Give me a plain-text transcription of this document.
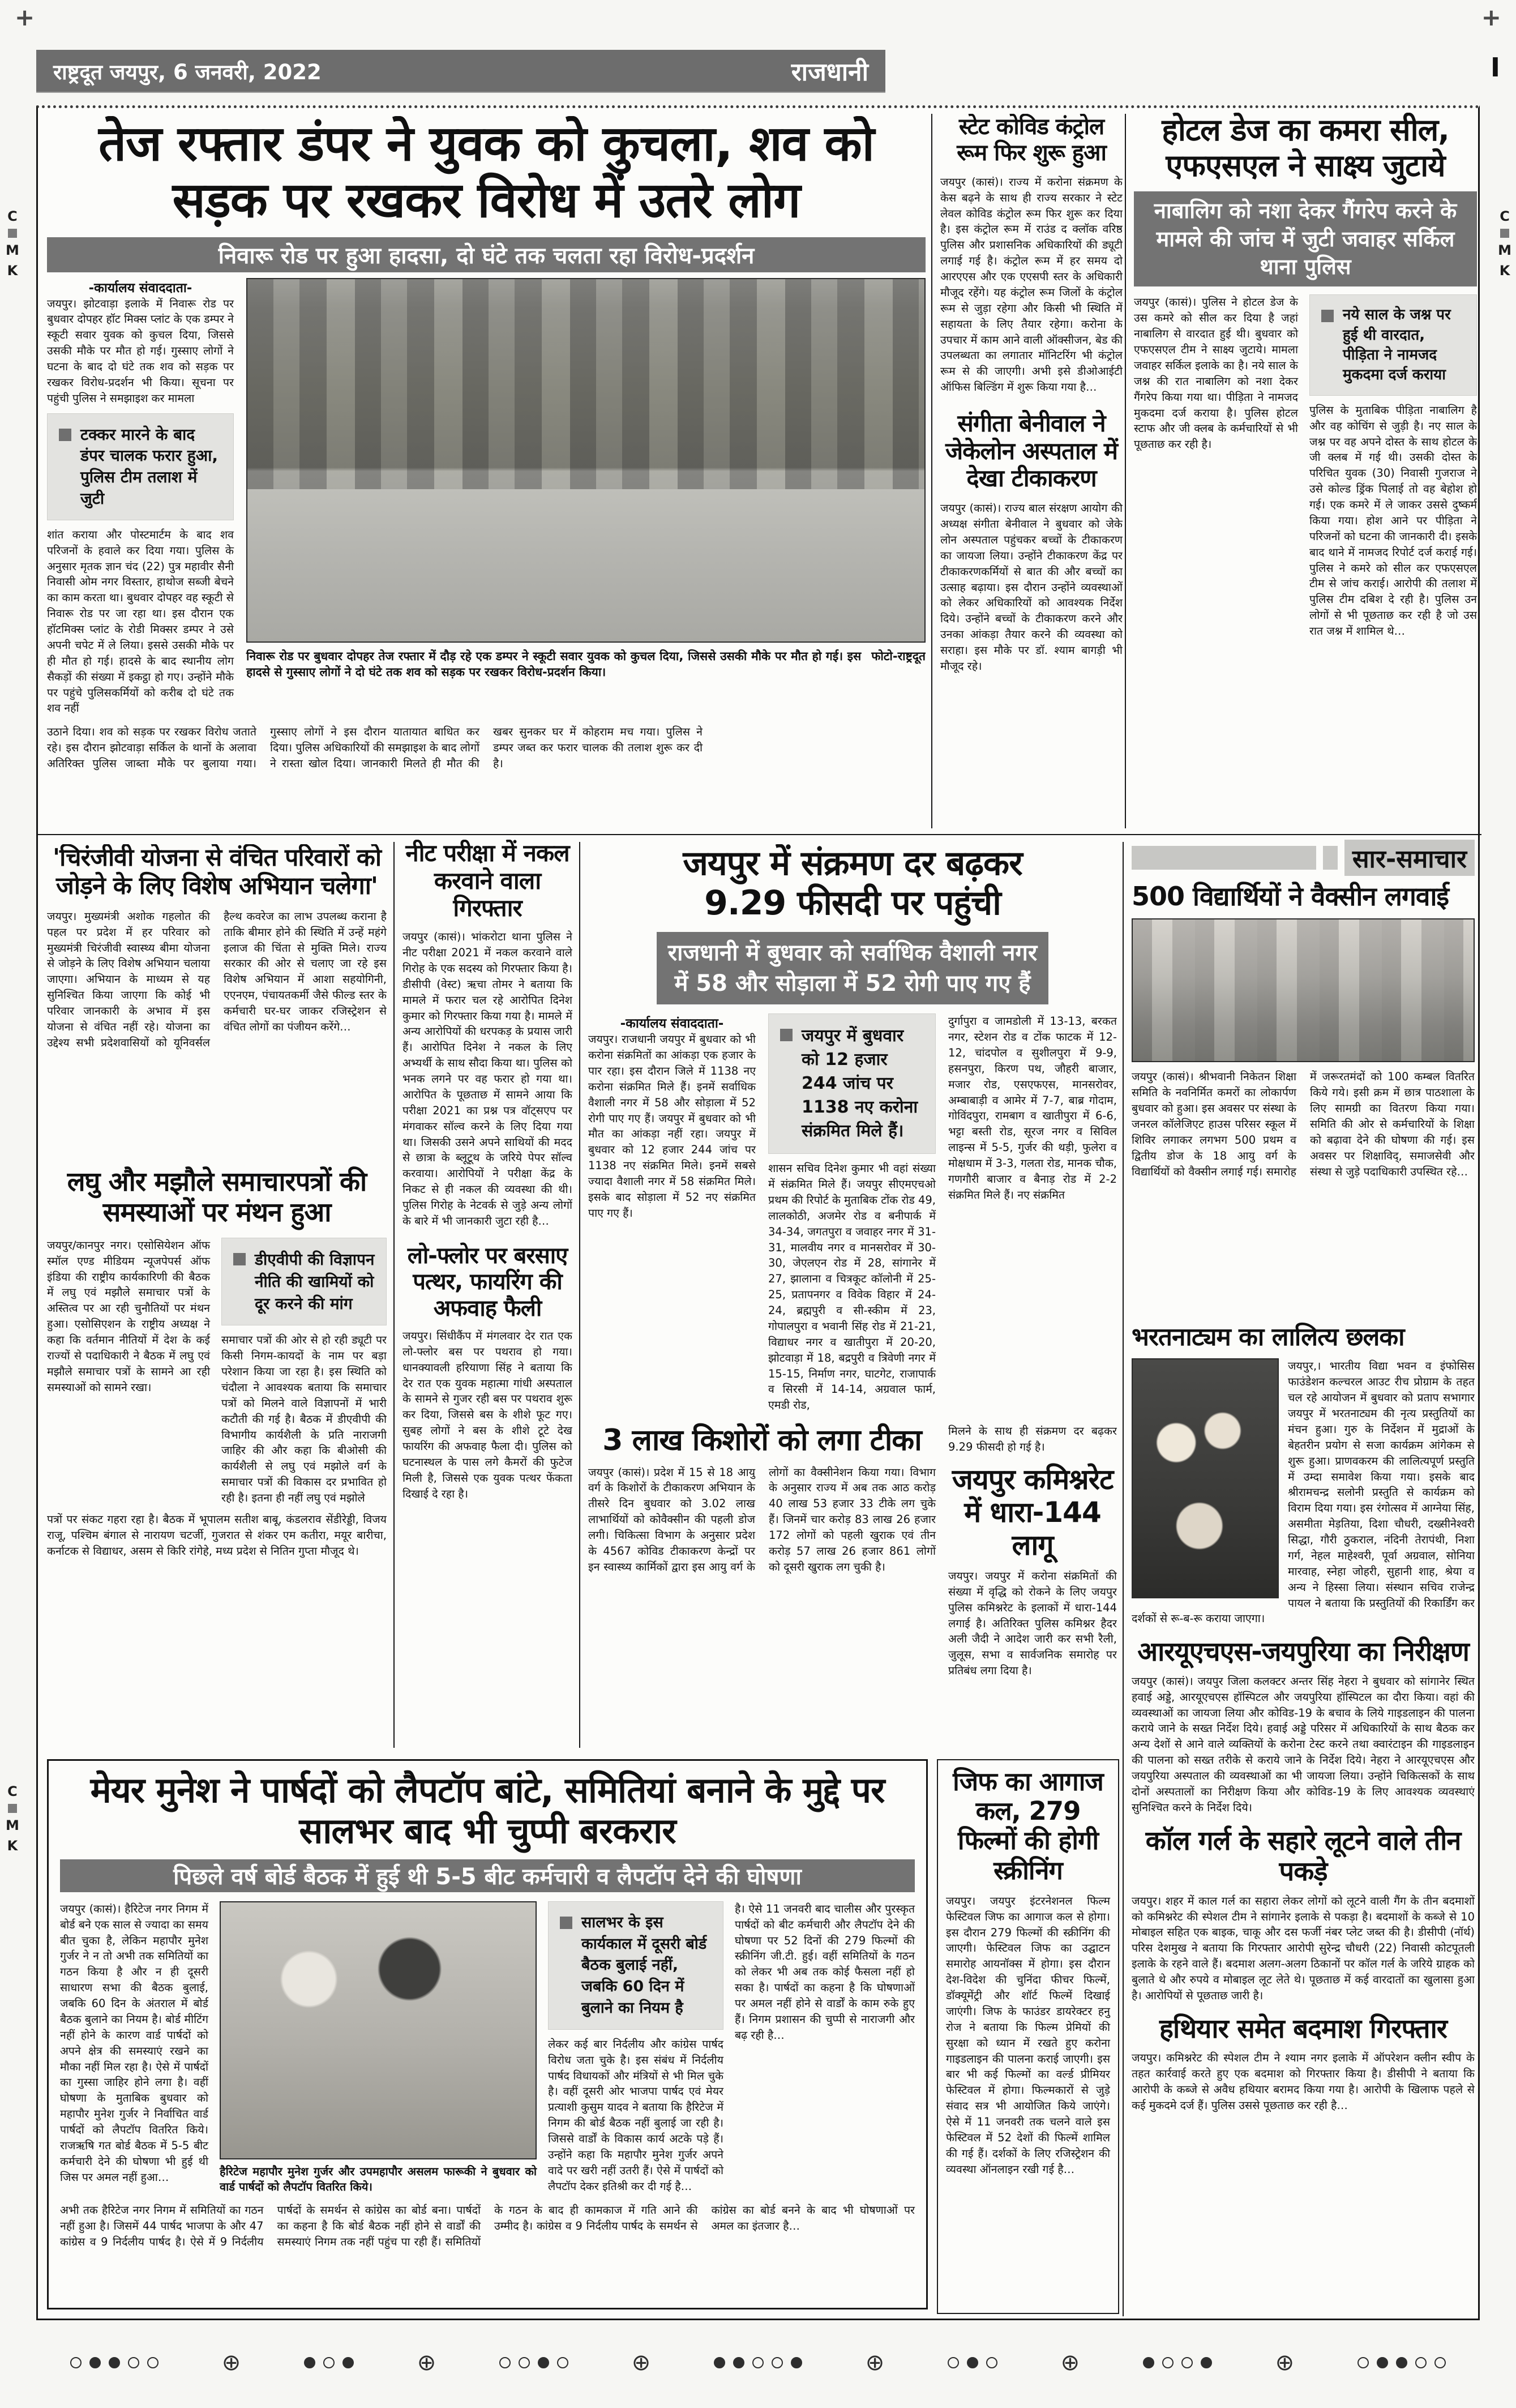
+	+
राष्ट्रदूत जयपुर, 6 जनवरी, 2022	राजधानी	I
C
M
K
C
M
K
C
M
K
तेज रफ्तार डंपर ने युवक को कुचला, शव को सड़क पर रखकर विरोध में उतरे लोग
निवारू रोड पर हुआ हादसा, दो घंटे तक चलता रहा विरोध-प्रदर्शन
-कार्यालय संवाददाता-
जयपुर। झोटवाड़ा इलाके में निवारू रोड पर बुधवार दोपहर हॉट मिक्स प्लांट के एक डम्पर ने स्कूटी सवार युवक को कुचल दिया, जिससे उसकी मौके पर मौत हो गई। गुस्साए लोगों ने घटना के बाद दो घंटे तक शव को सड़क पर रखकर विरोध-प्रदर्शन भी किया। सूचना पर पहुंची पुलिस ने समझाइश कर मामला
टक्कर मारने के बाद डंपर चालक फरार हुआ, पुलिस टीम तलाश में जुटी
शांत कराया और पोस्टमार्टम के बाद शव परिजनों के हवाले कर दिया गया। पुलिस के अनुसार मृतक ज्ञान चंद (22) पुत्र महावीर सैनी निवासी ओम नगर विस्तार, हाथोज सब्जी बेचने का काम करता था। बुधवार दोपहर वह स्कूटी से निवारू रोड पर जा रहा था। इस दौरान एक हॉटमिक्स प्लांट के रोडी मिक्सर डम्पर ने उसे अपनी चपेट में ले लिया। इससे उसकी मौके पर ही मौत हो गई। हादसे के बाद स्थानीय लोग सैकड़ों की संख्या में इकट्ठा हो गए। उन्होंने मौके पर पहुंचे पुलिसकर्मियों को करीब दो घंटे तक शव नहीं
निवारू रोड पर बुधवार दोपहर तेज रफ्तार में दौड़ रहे एक डम्पर ने स्कूटी सवार युवक को कुचल दिया, जिससे उसकी मौके पर मौत हो गई। इस हादसे से गुस्साए लोगों ने दो घंटे तक शव को सड़क पर रखकर विरोध-प्रदर्शन किया।
फोटो-राष्ट्रदूत
उठाने दिया। शव को सड़क पर रखकर विरोध जताते रहे। इस दौरान झोटवाड़ा सर्किल के थानों के अलावा अतिरिक्त पुलिस जाब्ता मौके पर बुलाया गया। गुस्साए लोगों ने इस दौरान यातायात बाधित कर दिया। पुलिस अधिकारियों की समझाइश के बाद लोगों ने रास्ता खोल दिया। जानकारी मिलते ही मौत की खबर सुनकर घर में कोहराम मच गया। पुलिस ने डम्पर जब्त कर फरार चालक की तलाश शुरू कर दी है।
स्टेट कोविड कंट्रोल रूम फिर शुरू हुआ
जयपुर (कासं)। राज्य में करोना संक्रमण के केस बढ़ने के साथ ही राज्य सरकार ने स्टेट लेवल कोविड कंट्रोल रूम फिर शुरू कर दिया है। इस कंट्रोल रूम में राउंड द क्लॉक वरिष्ठ पुलिस और प्रशासनिक अधिकारियों की ड्यूटी लगाई गई है। कंट्रोल रूम में हर समय दो आरएएस और एक एएसपी स्तर के अधिकारी मौजूद रहेंगे। यह कंट्रोल रूम जिलों के कंट्रोल रूम से जुड़ा रहेगा और किसी भी स्थिति में सहायता के लिए तैयार रहेगा। करोना के उपचार में काम आने वाली ऑक्सीजन, बेड की उपलब्धता का लगातार मॉनिटरिंग भी कंट्रोल रूम से की जाएगी। अभी इसे डीओआईटी ऑफिस बिल्डिंग में शुरू किया गया है…
संगीता बेनीवाल ने जेकेलोन अस्पताल में देखा टीकाकरण
जयपुर (कासं)। राज्य बाल संरक्षण आयोग की अध्यक्ष संगीता बेनीवाल ने बुधवार को जेके लोन अस्पताल पहुंचकर बच्चों के टीकाकरण का जायजा लिया। उन्होंने टीकाकरण केंद्र पर टीकाकरणकर्मियों से बात की और बच्चों का उत्साह बढ़ाया। इस दौरान उन्होंने व्यवस्थाओं को लेकर अधिकारियों को आवश्यक निर्देश दिये। उन्होंने बच्चों के टीकाकरण करने और उनका आंकड़ा तैयार करने की व्यवस्था को सराहा। इस मौके पर डॉ. श्याम बागड़ी भी मौजूद रहे।
होटल डेज का कमरा सील, एफएसएल ने साक्ष्य जुटाये
नाबालिग को नशा देकर गैंगरेप करने के मामले की जांच में जुटी जवाहर सर्किल थाना पुलिस
जयपुर (कासं)। पुलिस ने होटल डेज के उस कमरे को सील कर दिया है जहां नाबालिग से वारदात हुई थी। बुधवार को एफएसएल टीम ने साक्ष्य जुटाये। मामला जवाहर सर्किल इलाके का है। नये साल के जश्न की रात नाबालिग को नशा देकर गैंगरेप किया गया था। पीड़िता ने नामजद मुकदमा दर्ज कराया है। पुलिस होटल स्टाफ और जी क्लब के कर्मचारियों से भी पूछताछ कर रही है।
नये साल के जश्न पर हुई थी वारदात, पीड़िता ने नामजद मुकदमा दर्ज कराया
पुलिस के मुताबिक पीड़िता नाबालिग है और वह कोचिंग से जुड़ी है। नए साल के जश्न पर वह अपने दोस्त के साथ होटल के जी क्लब में गई थी। उसकी दोस्त के परिचित युवक (30) निवासी गुजराज ने उसे कोल्ड ड्रिंक पिलाई तो वह बेहोश हो गई। एक कमरे में ले जाकर उससे दुष्कर्म किया गया। होश आने पर पीड़िता ने परिजनों को घटना की जानकारी दी। इसके बाद थाने में नामजद रिपोर्ट दर्ज कराई गई। पुलिस ने कमरे को सील कर एफएसएल टीम से जांच कराई। आरोपी की तलाश में पुलिस टीम दबिश दे रही है। पुलिस उन लोगों से भी पूछताछ कर रही है जो उस रात जश्न में शामिल थे…
'चिरंजीवी योजना से वंचित परिवारों को जोड़ने के लिए विशेष अभियान चलेगा'
जयपुर। मुख्यमंत्री अशोक गहलोत की पहल पर प्रदेश में हर परिवार को मुख्यमंत्री चिरंजीवी स्वास्थ्य बीमा योजना से जोड़ने के लिए विशेष अभियान चलाया जाएगा। अभियान के माध्यम से यह सुनिश्चित किया जाएगा कि कोई भी परिवार जानकारी के अभाव में इस योजना से वंचित नहीं रहे। योजना का उद्देश्य सभी प्रदेशवासियों को यूनिवर्सल हैल्थ कवरेज का लाभ उपलब्ध कराना है ताकि बीमार होने की स्थिति में उन्हें महंगे इलाज की चिंता से मुक्ति मिले। राज्य सरकार की ओर से चलाए जा रहे इस विशेष अभियान में आशा सहयोगिनी, एएनएम, पंचायतकर्मी जैसे फील्ड स्तर के कर्मचारी घर-घर जाकर रजिस्ट्रेशन से वंचित लोगों का पंजीयन करेंगे…
लघु और मझौले समाचारपत्रों की समस्याओं पर मंथन हुआ
जयपुर/कानपुर नगर। एसोसियेशन ऑफ स्मॉल एण्ड मीडियम न्यूजपेपर्स ऑफ इंडिया की राष्ट्रीय कार्यकारिणी की बैठक में लघु एवं मझौले समाचार पत्रों के अस्तित्व पर आ रही चुनौतियों पर मंथन हुआ। एसोसिएशन के राष्ट्रीय अध्यक्ष ने कहा कि वर्तमान नीतियों में देश के कई राज्यों से पदाधिकारी ने बैठक में लघु एवं मझौले समाचार पत्रों के सामने आ रही समस्याओं को सामने रखा।
डीएवीपी की विज्ञापन नीति की खामियों को दूर करने की मांग
समाचार पत्रों की ओर से हो रही ड्यूटी पर किसी निगम-कायदों के नाम पर बड़ा परेशान किया जा रहा है। इस स्थिति को चंदौला ने आवश्यक बताया कि समाचार पत्रों को मिलने वाले विज्ञापनों में भारी कटौती की गई है। बैठक में डीएवीपी की विभागीय कार्यशैली के प्रति नाराजगी जाहिर की और कहा कि बीओसी की कार्यशैली से लघु एवं मझोले वर्ग के समाचार पत्रों की विकास दर प्रभावित हो रही है। इतना ही नहीं लघु एवं मझोले
पत्रों पर संकट गहरा रहा है। बैठक में भूपालम सतीश बाबू, कंडलराव सेंडीरेड्डी, विजय राजू, पश्चिम बंगाल से नारायण चटर्जी, गुजरात से शंकर एम कतीरा, मयूर बारीचा, कर्नाटक से विद्याधर, असम से किरि रांगेहे, मध्य प्रदेश से नितिन गुप्ता मौजूद थे।
नीट परीक्षा में नकल करवाने वाला गिरफ्तार
जयपुर (कासं)। भांकरोटा थाना पुलिस ने नीट परीक्षा 2021 में नकल करवाने वाले गिरोह के एक सदस्य को गिरफ्तार किया है। डीसीपी (वेस्ट) ऋचा तोमर ने बताया कि मामले में फरार चल रहे आरोपित दिनेश कुमार को गिरफ्तार किया गया है। मामले में अन्य आरोपियों की धरपकड़ के प्रयास जारी हैं। आरोपित दिनेश ने नकल के लिए अभ्यर्थी के साथ सौदा किया था। पुलिस को भनक लगने पर वह फरार हो गया था। आरोपित के पूछताछ में सामने आया कि परीक्षा 2021 का प्रश्न पत्र वॉट्सएप पर मंगवाकर सॉल्व करने के लिए दिया गया था। जिसकी उसने अपने साथियों की मदद से छात्रा के ब्लूटूथ के जरिये पेपर सॉल्व करवाया। आरोपियों ने परीक्षा केंद्र के निकट से ही नकल की व्यवस्था की थी। पुलिस गिरोह के नेटवर्क से जुड़े अन्य लोगों के बारे में भी जानकारी जुटा रही है…
लो-फ्लोर पर बरसाए पत्थर, फायरिंग की अफवाह फैली
जयपुर। सिंधीकैंप में मंगलवार देर रात एक लो-फ्लोर बस पर पथराव हो गया। धानक्यावली हरियाणा सिंह ने बताया कि देर रात एक युवक महात्मा गांधी अस्पताल के सामने से गुजर रही बस पर पथराव शुरू कर दिया, जिससे बस के शीशे फूट गए। सुबह लोगों ने बस के शीशे टूटे देख फायरिंग की अफवाह फैला दी। पुलिस को घटनास्थल के पास लगे कैमरों की फुटेज मिली है, जिससे एक युवक पत्थर फेंकता दिखाई दे रहा है।
जयपुर में संक्रमण दर बढ़कर 9.29 फीसदी पर पहुंची
राजधानी में बुधवार को सर्वाधिक वैशाली नगर में 58 और सोड़ाला में 52 रोगी पाए गए हैं
-कार्यालय संवाददाता-
जयपुर। राजधानी जयपुर में बुधवार को भी करोना संक्रमितों का आंकड़ा एक हजार के पार रहा। इस दौरान जिले में 1138 नए करोना संक्रमित मिले हैं। इनमें सर्वाधिक वैशाली नगर में 58 और सोड़ाला में 52 रोगी पाए गए हैं। जयपुर में बुधवार को भी मौत का आंकड़ा नहीं रहा। जयपुर में बुधवार को 12 हजार 244 जांच पर 1138 नए संक्रमित मिले। इनमें सबसे ज्यादा वैशाली नगर में 58 संक्रमित मिले। इसके बाद सोड़ाला में 52 नए संक्रमित पाए गए हैं।
जयपुर में बुधवार को 12 हजार 244 जांच पर 1138 नए करोना संक्रमित मिले हैं।
शासन सचिव दिनेश कुमार भी वहां संख्या में संक्रमित मिले हैं। जयपुर सीएमएचओ प्रथम की रिपोर्ट के मुताबिक टोंक रोड 49, लालकोठी, अजमेर रोड व बनीपार्क में 34-34, जगतपुरा व जवाहर नगर में 31-31, मालवीय नगर व मानसरोवर में 30-30, जेएलएन रोड में 28, सांगानेर में 27, झालाना व चित्रकूट कॉलोनी में 25-25, प्रतापनगर व विवेक विहार में 24-24, ब्रह्मपुरी व सी-स्कीम में 23, गोपालपुरा व भवानी सिंह रोड में 21-21, विद्याधर नगर व खातीपुरा में 20-20, झोटवाड़ा में 18, बद्रपुरी व त्रिवेणी नगर में 15-15, निर्माण नगर, घाटगेट, राजापार्क व सिरसी में 14-14, अग्रवाल फार्म, एमडी रोड,
दुर्गापुरा व जामडोली में 13-13, बरकत नगर, स्टेशन रोड व टोंक फाटक में 12-12, चांदपोल व सुशीलपुरा में 9-9, हसनपुरा, किरण पथ, जौहरी बाजार, मजार रोड, एसएफएस, मानसरोवर, अम्बाबाड़ी व आमेर में 7-7, बाब्र गोदाम, गोविंदपुरा, रामबाग व खातीपुरा में 6-6, भट्टा बस्ती रोड, सूरज नगर व सिविल लाइन्स में 5-5, गुर्जर की थड़ी, फुलेरा व मोक्षधाम में 3-3, गलता रोड, मानक चौक, गणगौरी बाजार व बैनाड़ रोड में 2-2 संक्रमित मिले हैं। नए संक्रमित
3 लाख किशोरों को लगा टीका
जयपुर (कासं)। प्रदेश में 15 से 18 आयु वर्ग के किशोरों के टीकाकरण अभियान के तीसरे दिन बुधवार को 3.02 लाख लाभार्थियों को कोवैक्सीन की पहली डोज लगी। चिकित्सा विभाग के अनुसार प्रदेश के 4567 कोविड टीकाकरण केन्द्रों पर इन स्वास्थ्य कार्मिकों द्वारा इस आयु वर्ग के लोगों का वैक्सीनेशन किया गया। विभाग के अनुसार राज्य में अब तक आठ करोड़ 40 लाख 53 हजार 33 टीके लग चुके हैं। जिनमें चार करोड़ 83 लाख 26 हजार 172 लोगों को पहली खुराक एवं तीन करोड़ 57 लाख 26 हजार 861 लोगों को दूसरी खुराक लग चुकी है।
मिलने के साथ ही संक्रमण दर बढ़कर 9.29 फीसदी हो गई है।
जयपुर कमिश्नरेट में धारा-144 लागू
जयपुर। जयपुर में करोना संक्रमितों की संख्या में वृद्धि को रोकने के लिए जयपुर पुलिस कमिश्नरेट के इलाकों में धारा-144 लगाई है। अतिरिक्त पुलिस कमिश्नर हैदर अली जैदी ने आदेश जारी कर सभी रैली, जुलूस, सभा व सार्वजनिक समारोह पर प्रतिबंध लगा दिया है।
सार-समाचार
500 विद्यार्थियों ने वैक्सीन लगवाई
जयपुर (कासं)। श्रीभवानी निकेतन शिक्षा समिति के नवनिर्मित कमरों का लोकार्पण बुधवार को हुआ। इस अवसर पर संस्था के जनरल कॉलेजिएट हाउस परिसर स्कूल में शिविर लगाकर लगभग 500 प्रथम व द्वितीय डोज के 18 आयु वर्ग के विद्यार्थियों को वैक्सीन लगाई गई। समारोह में जरूरतमंदों को 100 कम्बल वितरित किये गये। इसी क्रम में छात्र पाठशाला के लिए सामग्री का वितरण किया गया। समिति की ओर से कर्मचारियों के शिक्षा को बढ़ावा देने की घोषणा की गई। इस अवसर पर शिक्षाविद्, समाजसेवी और संस्था से जुड़े पदाधिकारी उपस्थित रहे…
भरतनाट्यम का लालित्य छलका
जयपुर,। भारतीय विद्या भवन व इंफोसिस फाउंडेशन कल्चरल आउट रीच प्रोग्राम के तहत चल रहे आयोजन में बुधवार को प्रताप सभागार जयपुर में भरतनाट्यम की नृत्य प्रस्तुतियों का मंचन हुआ। गुरु के निर्देशन में मुद्राओं के बेहतरीन प्रयोग से सजा कार्यक्रम आंगेकम से शुरू हुआ। प्राणवकरम की लालित्यपूर्ण प्रस्तुति में उम्दा समावेश किया गया। इसके बाद श्रीरामचन्द्र सलोनी प्रस्तुति से कार्यक्रम को विराम दिया गया। इस रंगोत्सव में आग्नेया सिंह, असमीता मेड़तिया, दिशा चौधरी, दख्सीनेश्वरी सिद्धा, गौरी ठुकराल, नंदिनी तेरापंथी, निशा गर्ग, नेहल माहेश्वरी, पूर्वा अग्रवाल, सोनिया मारवाह, स्नेहा जोहरी, सुहानी शाह, श्रेया व अन्य ने हिस्सा लिया। संस्थान सचिव राजेन्द्र पायल ने बताया कि प्रस्तुतियों की रिकार्डिंग कर दर्शकों से रू-ब-रू कराया जाएगा।
आरयूएचएस-जयपुरिया का निरीक्षण
जयपुर (कासं)। जयपुर जिला कलक्टर अन्तर सिंह नेहरा ने बुधवार को सांगानेर स्थित हवाई अड्डे, आरयूएचएस हॉस्पिटल और जयपुरिया हॉस्पिटल का दौरा किया। वहां की व्यवस्थाओं का जायजा लिया और कोविड-19 के बचाव के लिये गाइडलाइन की पालना कराये जाने के सख्त निर्देश दिये। हवाई अड्डे परिसर में अधिकारियों के साथ बैठक कर अन्य देशों से आने वाले व्यक्तियों के करोना टेस्ट करने तथा क्वारंटाइन की गाइडलाइन की पालना को सख्त तरीके से कराये जाने के निर्देश दिये। नेहरा ने आरयूएचएस और जयपुरिया अस्पताल की व्यवस्थाओं का भी जायजा लिया। उन्होंने चिकित्सकों के साथ दोनों अस्पतालों का निरीक्षण किया और कोविड-19 के लिए आवश्यक व्यवस्थाएं सुनिश्चित करने के निर्देश दिये।
कॉल गर्ल के सहारे लूटने वाले तीन पकड़े
जयपुर। शहर में काल गर्ल का सहारा लेकर लोगों को लूटने वाली गैंग के तीन बदमाशों को कमिश्नरेट की स्पेशल टीम ने सांगानेर इलाके से पकड़ा है। बदमाशों के कब्जे से 10 मोबाइल सहित एक बाइक, चाकू और दस फर्जी नंबर प्लेट जब्त की है। डीसीपी (नॉर्थ) परिस देशमुख ने बताया कि गिरफ्तार आरोपी सुरेन्द्र चौधरी (22) निवासी कोटपूतली इलाके के रहने वाले हैं। बदमाश अलग-अलग ठिकानों पर कॉल गर्ल के जरिये ग्राहक को बुलाते थे और रुपये व मोबाइल लूट लेते थे। पूछताछ में कई वारदातों का खुलासा हुआ है। आरोपियों से पूछताछ जारी है।
हथियार समेत बदमाश गिरफ्तार
जयपुर। कमिश्नरेट की स्पेशल टीम ने श्याम नगर इलाके में ऑपरेशन क्लीन स्वीप के तहत कार्रवाई करते हुए एक बदमाश को गिरफ्तार किया है। डीसीपी ने बताया कि आरोपी के कब्जे से अवैध हथियार बरामद किया गया है। आरोपी के खिलाफ पहले से कई मुकदमे दर्ज हैं। पुलिस उससे पूछताछ कर रही है…
मेयर मुनेश ने पार्षदों को लैपटॉप बांटे, समितियां बनाने के मुद्दे पर सालभर बाद भी चुप्पी बरकरार
पिछले वर्ष बोर्ड बैठक में हुई थी 5-5 बीट कर्मचारी व लैपटॉप देने की घोषणा
जयपुर (कासं)। हैरिटेज नगर निगम में बोर्ड बने एक साल से ज्यादा का समय बीत चुका है, लेकिन महापौर मुनेश गुर्जर ने न तो अभी तक समितियों का गठन किया है और न ही दूसरी साधारण सभा की बैठक बुलाई, जबकि 60 दिन के अंतराल में बोर्ड बैठक बुलाने का नियम है। बोर्ड मीटिंग नहीं होने के कारण वार्ड पार्षदों को अपने क्षेत्र की समस्याएं रखने का मौका नहीं मिल रहा है। ऐसे में पार्षदों का गुस्सा जाहिर होने लगा है। वहीं घोषणा के मुताबिक बुधवार को महापौर मुनेश गुर्जर ने निर्वाचित वार्ड पार्षदों को लैपटॉप वितरित किये। राजऋषि गत बोर्ड बैठक में 5-5 बीट कर्मचारी देने की घोषणा भी हुई थी जिस पर अमल नहीं हुआ…	हैरिटेज महापौर मुनेश गुर्जर और उपमहापौर असलम फारूकी ने बुधवार को वार्ड पार्षदों को लैपटॉप वितरित किये।
सालभर के इस कार्यकाल में दूसरी बोर्ड बैठक बुलाई नहीं, जबकि 60 दिन में बुलाने का नियम है
लेकर कई बार निर्दलीय और कांग्रेस पार्षद विरोध जता चुके है। इस संबंध में निर्दलीय पार्षद विधायकों और मंत्रियों से भी मिल चुके है। वहीं दूसरी ओर भाजपा पार्षद एवं मेयर प्रत्याशी कुसुम यादव ने बताया कि हैरिटेज में निगम की बोर्ड बैठक नहीं बुलाई जा रही है। जिससे वार्डों के विकास कार्य अटके पड़े हैं। उन्होंने कहा कि महापौर मुनेश गुर्जर अपने वादे पर खरी नहीं उतरी हैं। ऐसे में पार्षदों को लैपटॉप देकर इतिश्री कर दी गई है…
है। ऐसे 11 जनवरी बाद चालीस और पुरस्कृत पार्षदों को बीट कर्मचारी और लैपटॉप देने की घोषणा पर 52 दिनों की 279 फिल्मों की स्क्रीनिंग जी.टी. हुई। वहीं समितियों के गठन को लेकर भी अब तक कोई फैसला नहीं हो सका है। पार्षदों का कहना है कि घोषणाओं पर अमल नहीं होने से वार्डों के काम रुके हुए हैं। निगम प्रशासन की चुप्पी से नाराजगी और बढ़ रही है…
अभी तक हैरिटेज नगर निगम में समितियों का गठन नहीं हुआ है। जिसमें 44 पार्षद भाजपा के और 47 कांग्रेस व 9 निर्दलीय पार्षद है। ऐसे में 9 निर्दलीय पार्षदों के समर्थन से कांग्रेस का बोर्ड बना। पार्षदों का कहना है कि बोर्ड बैठक नहीं होने से वार्डों की समस्याएं निगम तक नहीं पहुंच पा रही हैं। समितियों के गठन के बाद ही कामकाज में गति आने की उम्मीद है। कांग्रेस व 9 निर्दलीय पार्षद के समर्थन से कांग्रेस का बोर्ड बनने के बाद भी घोषणाओं पर अमल का इंतजार है…
जिफ का आगाज कल, 279 फिल्मों की होगी स्क्रीनिंग
जयपुर। जयपुर इंटरनेशनल फिल्म फेस्टिवल जिफ का आगाज कल से होगा। इस दौरान 279 फिल्मों की स्क्रीनिंग की जाएगी। फेस्टिवल जिफ का उद्घाटन समारोह आयनॉक्स में होगा। इस दौरान देश-विदेश की चुनिंदा फीचर फिल्में, डॉक्यूमेंट्री और शॉर्ट फिल्में दिखाई जाएंगी। जिफ के फाउंडर डायरेक्टर हनु रोज ने बताया कि फिल्म प्रेमियों की सुरक्षा को ध्यान में रखते हुए करोना गाइडलाइन की पालना कराई जाएगी। इस बार भी कई फिल्मों का वर्ल्ड प्रीमियर फेस्टिवल में होगा। फिल्मकारों से जुड़े संवाद सत्र भी आयोजित किये जाएंगे। ऐसे में 11 जनवरी तक चलने वाले इस फेस्टिवल में 52 देशों की फिल्में शामिल की गई हैं। दर्शकों के लिए रजिस्ट्रेशन की व्यवस्था ऑनलाइन रखी गई है…
⊕	⊕	⊕	⊕	⊕	⊕
